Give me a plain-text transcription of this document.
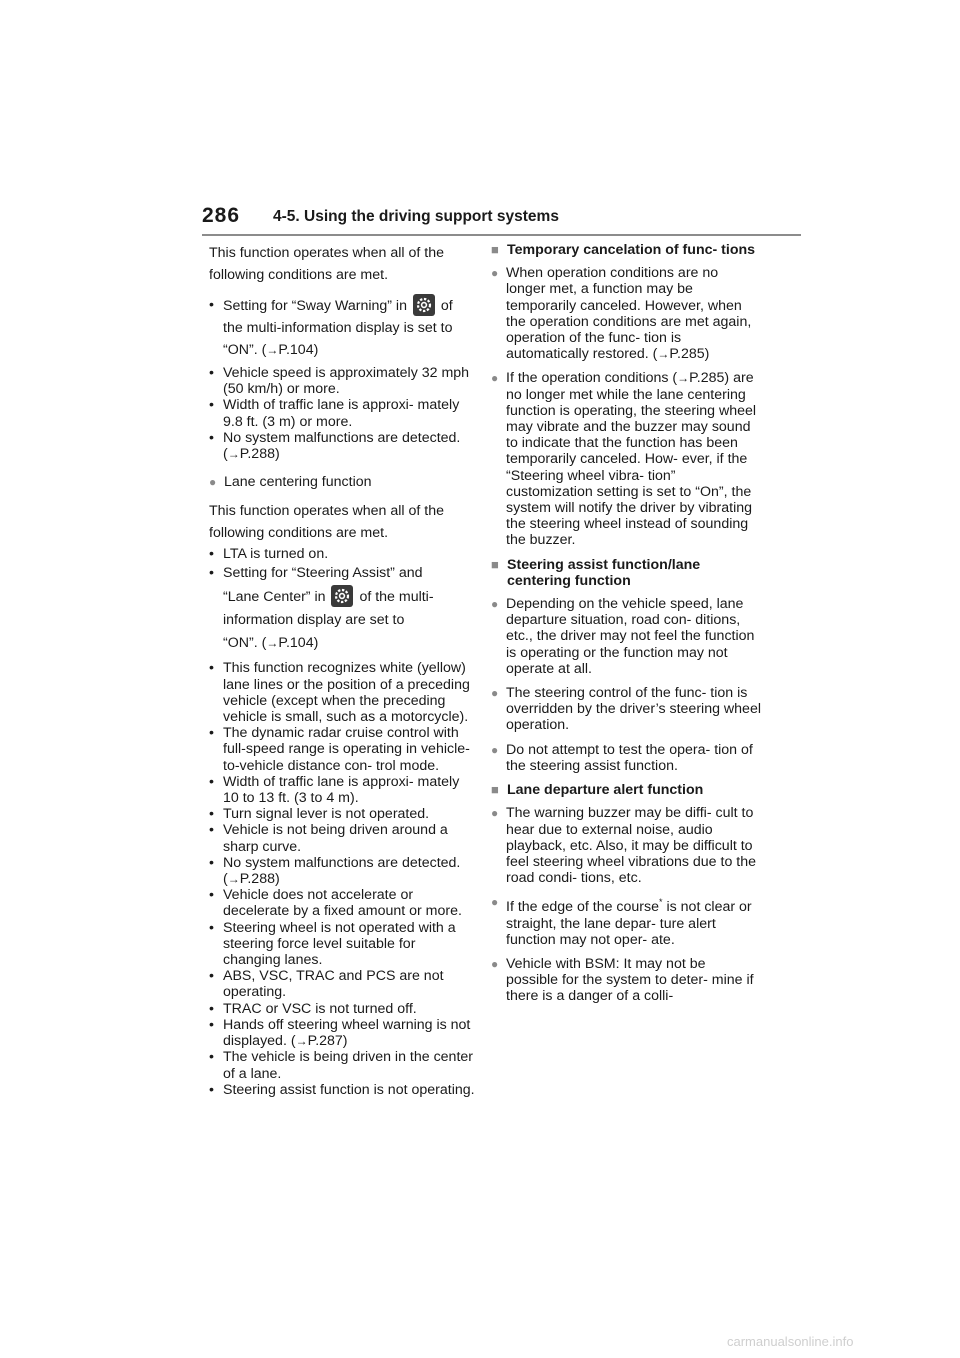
286 4-5. Using the driving support systems

This function operates when all of the following conditions are met.

• Setting for “Sway Warning” in of the multi-information display is set to “ON”. (→P.104)
• Vehicle speed is approximately 32 mph (50 km/h) or more.
• Width of traffic lane is approxi- mately 9.8 ft. (3 m) or more.
• No system malfunctions are detected. (→P.288)
● Lane centering function

This function operates when all of the following conditions are met.

• LTA is turned on.
• Setting for “Steering Assist” and
“Lane Center” in of the multi-
information display are set to
“ON”. (→P.104)
• This function recognizes white (yellow) lane lines or the position of a preceding vehicle (except when the preceding vehicle is small, such as a motorcycle).
• The dynamic radar cruise control with full-speed range is operating in vehicle-to-vehicle distance con- trol mode.
• Width of traffic lane is approxi- mately 10 to 13 ft. (3 to 4 m).
• Turn signal lever is not operated.
• Vehicle is not being driven around a sharp curve.
• No system malfunctions are detected. (→P.288)
• Vehicle does not accelerate or decelerate by a fixed amount or more.
• Steering wheel is not operated with a steering force level suitable for changing lanes.
• ABS, VSC, TRAC and PCS are not operating.
• TRAC or VSC is not turned off.
• Hands off steering wheel warning is not displayed. (→P.287)
• The vehicle is being driven in the center of a lane.
• Steering assist function is not operating.
■ Temporary cancelation of func- tions
● When operation conditions are no longer met, a function may be temporarily canceled. However, when the operation conditions are met again, operation of the func- tion is automatically restored. (→P.285)
● If the operation conditions (→P.285) are no longer met while the lane centering function is operating, the steering wheel may vibrate and the buzzer may sound to indicate that the function has been temporarily canceled. How- ever, if the “Steering wheel vibra- tion” customization setting is set to “On”, the system will notify the driver by vibrating the steering wheel instead of sounding the buzzer.
■ Steering assist function/lane centering function
● Depending on the vehicle speed, lane departure situation, road con- ditions, etc., the driver may not feel the function is operating or the function may not operate at all.
● The steering control of the func- tion is overridden by the driver’s steering wheel operation.
● Do not attempt to test the opera- tion of the steering assist function.
■ Lane departure alert function
● The warning buzzer may be diffi- cult to hear due to external noise, audio playback, etc. Also, it may be difficult to feel steering wheel vibrations due to the road condi- tions, etc.
● If the edge of the course* is not clear or straight, the lane depar- ture alert function may not oper- ate.
● Vehicle with BSM: It may not be possible for the system to deter- mine if there is a danger of a colli-
carmanualsonline.info
